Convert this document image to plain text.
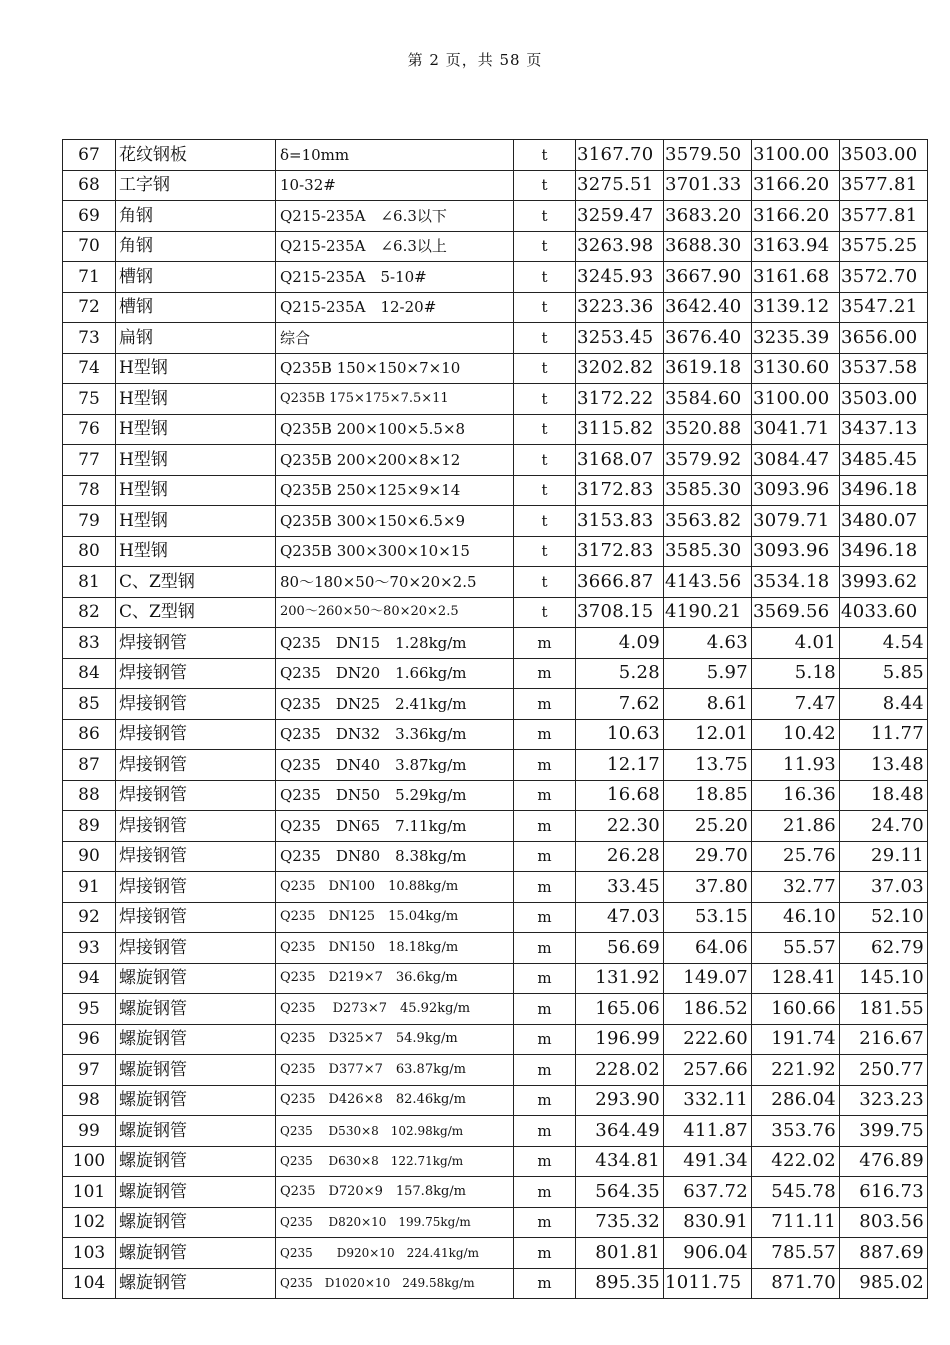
第 2 页，共 58 页
67	花纹钢板	δ=10mm	t	3167.70	3579.50	3100.00	3503.00
68	工字钢	10-32#	t	3275.51	3701.33	3166.20	3577.81
69	角钢	Q215-235A　∠6.3以下	t	3259.47	3683.20	3166.20	3577.81
70	角钢	Q215-235A　∠6.3以上	t	3263.98	3688.30	3163.94	3575.25
71	槽钢	Q215-235A　5-10#	t	3245.93	3667.90	3161.68	3572.70
72	槽钢	Q215-235A　12-20#	t	3223.36	3642.40	3139.12	3547.21
73	扁钢	综合	t	3253.45	3676.40	3235.39	3656.00
74	H型钢	Q235B 150×150×7×10	t	3202.82	3619.18	3130.60	3537.58
75	H型钢	Q235B 175×175×7.5×11	t	3172.22	3584.60	3100.00	3503.00
76	H型钢	Q235B 200×100×5.5×8	t	3115.82	3520.88	3041.71	3437.13
77	H型钢	Q235B 200×200×8×12	t	3168.07	3579.92	3084.47	3485.45
78	H型钢	Q235B 250×125×9×14	t	3172.83	3585.30	3093.96	3496.18
79	H型钢	Q235B 300×150×6.5×9	t	3153.83	3563.82	3079.71	3480.07
80	H型钢	Q235B 300×300×10×15	t	3172.83	3585.30	3093.96	3496.18
81	C、Z型钢	80～180×50～70×20×2.5	t	3666.87	4143.56	3534.18	3993.62
82	C、Z型钢	200～260×50～80×20×2.5	t	3708.15	4190.21	3569.56	4033.60
83	焊接钢管	Q235　DN15　1.28kg/m	m	4.09	4.63	4.01	4.54
84	焊接钢管	Q235　DN20　1.66kg/m	m	5.28	5.97	5.18	5.85
85	焊接钢管	Q235　DN25　2.41kg/m	m	7.62	8.61	7.47	8.44
86	焊接钢管	Q235　DN32　3.36kg/m	m	10.63	12.01	10.42	11.77
87	焊接钢管	Q235　DN40　3.87kg/m	m	12.17	13.75	11.93	13.48
88	焊接钢管	Q235　DN50　5.29kg/m	m	16.68	18.85	16.36	18.48
89	焊接钢管	Q235　DN65　7.11kg/m	m	22.30	25.20	21.86	24.70
90	焊接钢管	Q235　DN80　8.38kg/m	m	26.28	29.70	25.76	29.11
91	焊接钢管	Q235　DN100　10.88kg/m	m	33.45	37.80	32.77	37.03
92	焊接钢管	Q235　DN125　15.04kg/m	m	47.03	53.15	46.10	52.10
93	焊接钢管	Q235　DN150　18.18kg/m	m	56.69	64.06	55.57	62.79
94	螺旋钢管	Q235　D219×7　36.6kg/m	m	131.92	149.07	128.41	145.10
95	螺旋钢管	Q235　 D273×7　45.92kg/m	m	165.06	186.52	160.66	181.55
96	螺旋钢管	Q235　D325×7　54.9kg/m	m	196.99	222.60	191.74	216.67
97	螺旋钢管	Q235　D377×7　63.87kg/m	m	228.02	257.66	221.92	250.77
98	螺旋钢管	Q235　D426×8　82.46kg/m	m	293.90	332.11	286.04	323.23
99	螺旋钢管	Q235　 D530×8　102.98kg/m	m	364.49	411.87	353.76	399.75
100	螺旋钢管	Q235　 D630×8　122.71kg/m	m	434.81	491.34	422.02	476.89
101	螺旋钢管	Q235　D720×9　157.8kg/m	m	564.35	637.72	545.78	616.73
102	螺旋钢管	Q235　 D820×10　199.75kg/m	m	735.32	830.91	711.11	803.56
103	螺旋钢管	Q235　　D920×10　224.41kg/m	m	801.81	906.04	785.57	887.69
104	螺旋钢管	Q235　D1020×10　249.58kg/m	m	895.35	1011.75	871.70	985.02
